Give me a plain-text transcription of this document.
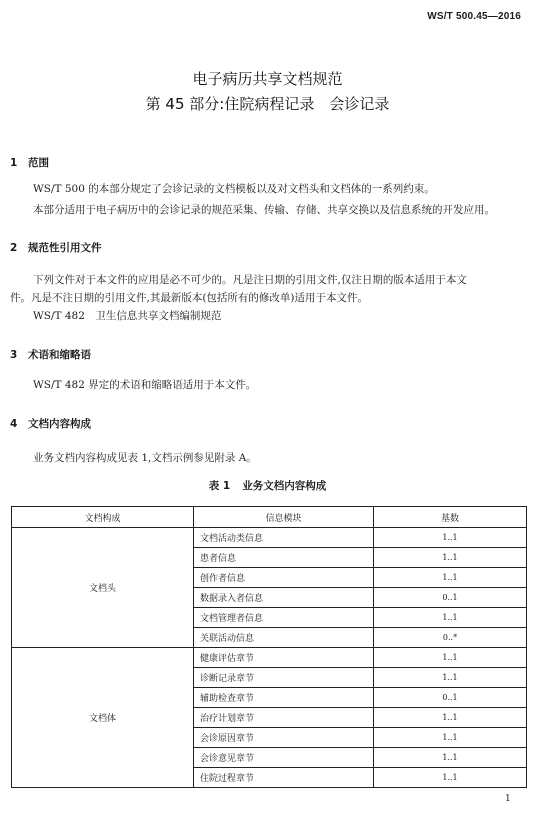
WS/T 500.45—2016
电子病历共享文档规范
第 45 部分:住院病程记录　会诊记录
1 范围
WS/T 500 的本部分规定了会诊记录的文档模板以及对文档头和文档体的一系列约束。
本部分适用于电子病历中的会诊记录的规范采集、传输、存储、共享交换以及信息系统的开发应用。
2 规范性引用文件
下列文件对于本文件的应用是必不可少的。凡是注日期的引用文件,仅注日期的版本适用于本文
件。凡是不注日期的引用文件,其最新版本(包括所有的修改单)适用于本文件。
WS/T 482　卫生信息共享文档编制规范
3 术语和缩略语
WS/T 482 界定的术语和缩略语适用于本文件。
4 文档内容构成
业务文档内容构成见表 1,文档示例参见附录 A。
表 1 业务文档内容构成
文档构成	信息模块	基数
文档头	文档活动类信息	1..1
	患者信息	1..1
	创作者信息	1..1
	数据录入者信息	0..1
	文档管理者信息	1..1
	关联活动信息	0..*
文档体	健康评估章节	1..1
	诊断记录章节	1..1
	辅助检查章节	0..1
	治疗计划章节	1..1
	会诊原因章节	1..1
	会诊意见章节	1..1
	住院过程章节	1..1
1
